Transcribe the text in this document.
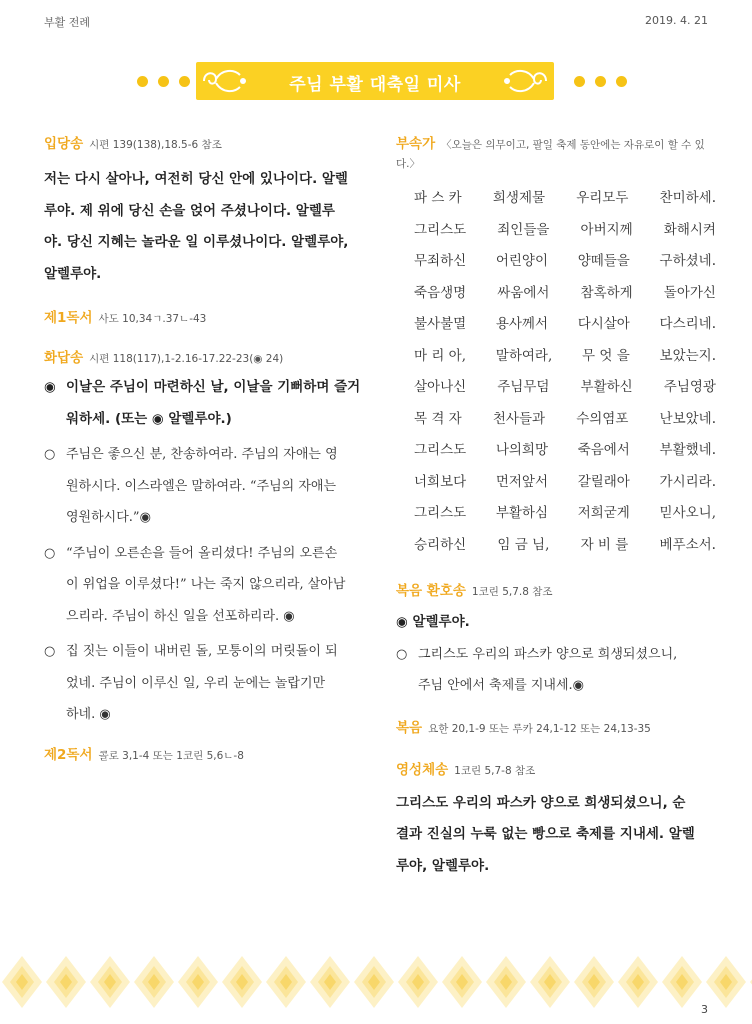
부활 전례	2019. 4. 21
주님 부활 대축일 미사
입당송 시편 139(138),18.5-6 참조
저는 다시 살아나, 여전히 당신 안에 있나이다. 알렐
루야. 제 위에 당신 손을 얹어 주셨나이다. 알렐루
야. 당신 지혜는 놀라운 일 이루셨나이다. 알렐루야,
알렐루야.
제1독서 사도 10,34ㄱ.37ㄴ-43
화답송 시편 118(117),1-2.16-17.22-23(◉ 24)
◉ 이날은 주님이 마련하신 날, 이날을 기뻐하며 즐거
워하세. (또는 ◉ 알렐루야.)
○ 주님은 좋으신 분, 찬송하여라. 주님의 자애는 영
원하시다. 이스라엘은 말하여라. “주님의 자애는
영원하시다.”◉
○ “주님이 오른손을 들어 올리셨다! 주님의 오른손
이 위업을 이루셨다!” 나는 죽지 않으리라, 살아남
으리라. 주님이 하신 일을 선포하리라. ◉
○ 집 짓는 이들이 내버린 돌, 모퉁이의 머릿돌이 되
었네. 주님이 이루신 일, 우리 눈에는 놀랍기만
하네. ◉
제2독서 콜로 3,1-4 또는 1코린 5,6ㄴ-8
부속가 〈오늘은 의무이고, 팔일 축제 동안에는 자유로이 할 수 있다.〉
파 스 카 희생제물 우리모두 찬미하세.
그리스도 죄인들을 아버지께 화해시켜
무죄하신 어린양이 양떼들을 구하셨네.
죽음생명 싸움에서 참혹하게 돌아가신
불사불멸 용사께서 다시살아 다스리네.
마 리 아, 말하여라, 무 엇 을 보았는지.
살아나신 주님무덤 부활하신 주님영광
목 격 자 천사들과 수의염포 난보았네.
그리스도 나의희망 죽음에서 부활했네.
너희보다 먼저앞서 갈릴래아 가시리라.
그리스도 부활하심 저희굳게 믿사오니,
승리하신 임 금 님, 자 비 를 베푸소서.
복음 환호송 1코린 5,7.8 참조
◉ 알렐루야.
○ 그리스도 우리의 파스카 양으로 희생되셨으니,
주님 안에서 축제를 지내세.◉
복음 요한 20,1-9 또는 루카 24,1-12 또는 24,13-35
영성체송 1코린 5,7-8 참조
그리스도 우리의 파스카 양으로 희생되셨으니, 순
결과 진실의 누룩 없는 빵으로 축제를 지내세. 알렐
루야, 알렐루야.
3
